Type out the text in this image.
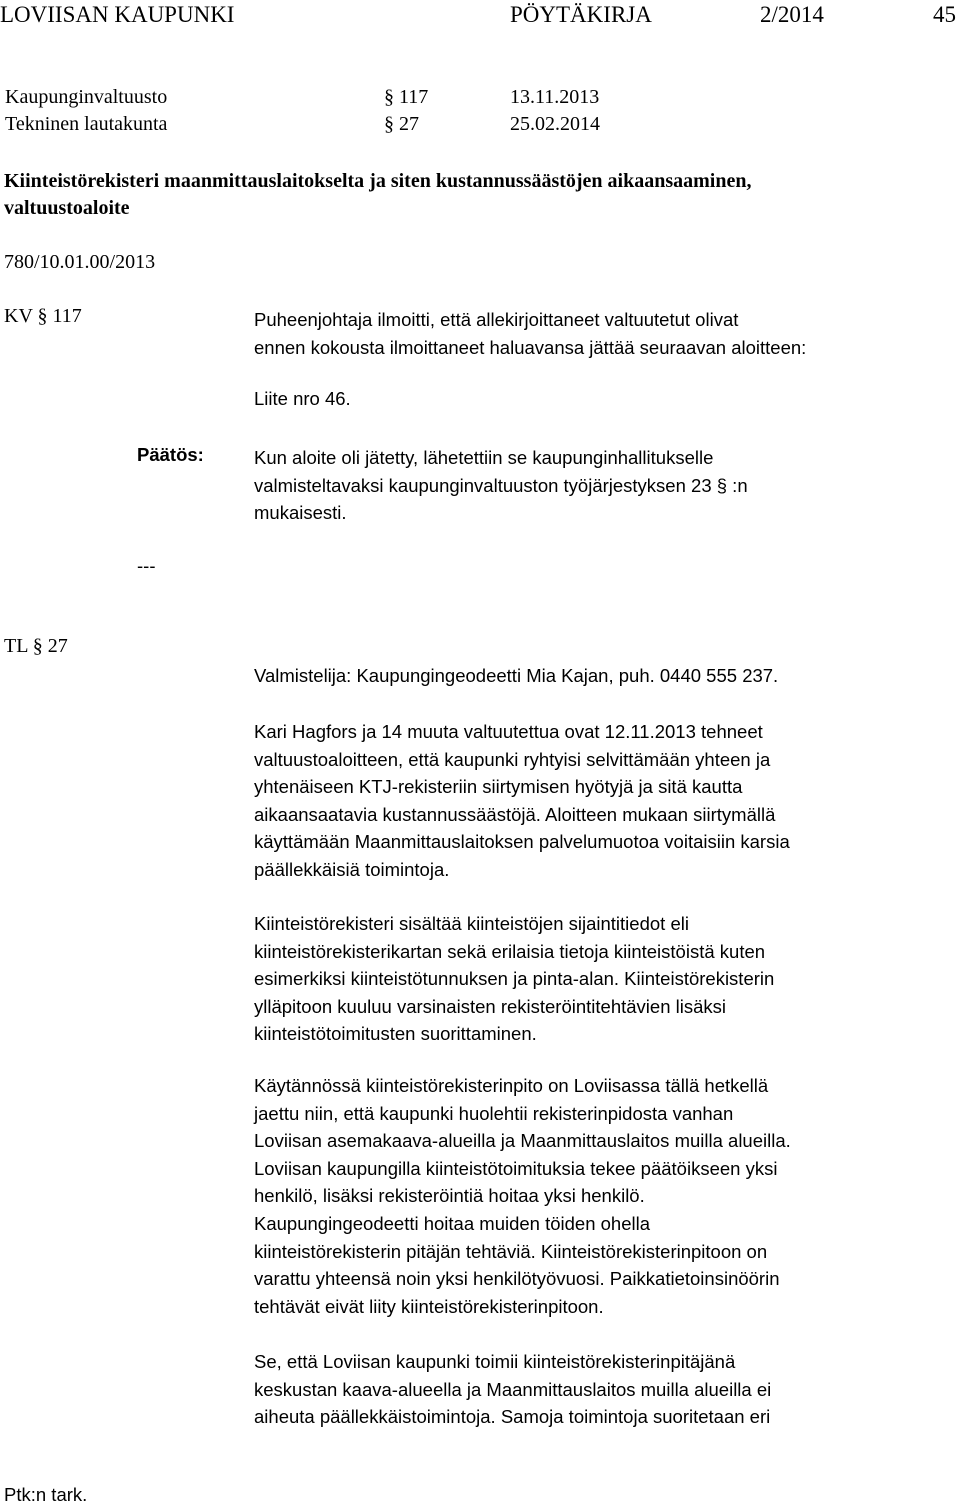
LOVIISAN KAUPUNKI	PÖYTÄKIRJA	2/2014	45
Kaupunginvaltuusto	§ 117	13.11.2013
Tekninen lautakunta	§ 27	25.02.2014
Kiinteistörekisteri maanmittauslaitokselta ja siten kustannussäästöjen aikaansaaminen,
valtuustoaloite
780/10.01.00/2013
KV § 117	Puheenjohtaja ilmoitti, että allekirjoittaneet valtuutetut olivat
ennen kokousta ilmoittaneet haluavansa jättää seuraavan aloitteen:
Liite nro 46.
Päätös:	Kun aloite oli jätetty, lähetettiin se kaupunginhallitukselle
valmisteltavaksi kaupunginvaltuuston työjärjestyksen 23 § :n
mukaisesti.
---
TL § 27
Valmistelija: Kaupungingeodeetti Mia Kajan, puh. 0440 555 237.
Kari Hagfors ja 14 muuta valtuutettua ovat 12.11.2013 tehneet
valtuustoaloitteen, että kaupunki ryhtyisi selvittämään yhteen ja
yhtenäiseen KTJ-rekisteriin siirtymisen hyötyjä ja sitä kautta
aikaansaatavia kustannussäästöjä. Aloitteen mukaan siirtymällä
käyttämään Maanmittauslaitoksen palvelumuotoa voitaisiin karsia
päällekkäisiä toimintoja.
Kiinteistörekisteri sisältää kiinteistöjen sijaintitiedot eli
kiinteistörekisterikartan sekä erilaisia tietoja kiinteistöistä kuten
esimerkiksi kiinteistötunnuksen ja pinta-alan. Kiinteistörekisterin
ylläpitoon kuuluu varsinaisten rekisteröintitehtävien lisäksi
kiinteistötoimitusten suorittaminen.
Käytännössä kiinteistörekisterinpito on Loviisassa tällä hetkellä
jaettu niin, että kaupunki huolehtii rekisterinpidosta vanhan
Loviisan asemakaava-alueilla ja Maanmittauslaitos muilla alueilla.
Loviisan kaupungilla kiinteistötoimituksia tekee päätöikseen yksi
henkilö, lisäksi rekisteröintiä hoitaa yksi henkilö.
Kaupungingeodeetti hoitaa muiden töiden ohella
kiinteistörekisterin pitäjän tehtäviä. Kiinteistörekisterinpitoon on
varattu yhteensä noin yksi henkilötyövuosi. Paikkatietoinsinöörin
tehtävät eivät liity kiinteistörekisterinpitoon.
Se, että Loviisan kaupunki toimii kiinteistörekisterinpitäjänä
keskustan kaava-alueella ja Maanmittauslaitos muilla alueilla ei
aiheuta päällekkäistoimintoja. Samoja toimintoja suoritetaan eri
Ptk:n tark.
